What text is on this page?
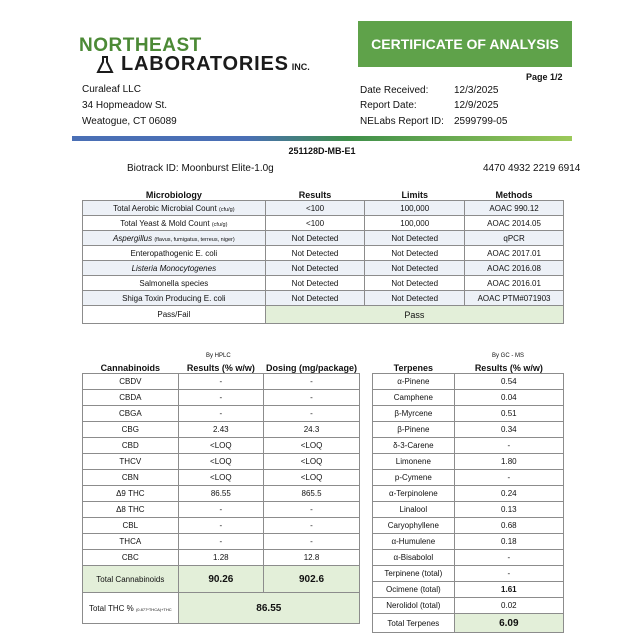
NORTHEAST
LABORATORIES INC.
CERTIFICATE OF ANALYSIS
Page 1/2
Curaleaf LLC
34 Hopmeadow St.
Weatogue, CT 06089
Date Received:	12/3/2025
Report Date:	12/9/2025
NELabs Report ID: 2599799-05
251128D-MB-E1
Biotrack ID: Moonburst Elite-1.0g	4470 4932 2219 6914
Microbiology	Results	Limits	Methods
Total Aerobic Microbial Count (cfu/g)	<100	100,000	AOAC 990.12
Total Yeast & Mold Count (cfu/g)	<100	100,000	AOAC 2014.05
Aspergillus (flavus, fumigatus, terreus, niger)	Not Detected	Not Detected	qPCR
Enteropathogenic E. coli	Not Detected	Not Detected	AOAC 2017.01
Listeria Monocytogenes	Not Detected	Not Detected	AOAC 2016.08
Salmonella species	Not Detected	Not Detected	AOAC 2016.01
Shiga Toxin Producing E. coli	Not Detected	Not Detected	AOAC PTM#071903
Pass/Fail	Pass		
By HPLC
Cannabinoids	Results (% w/w)	Dosing (mg/package)
CBDV	-	-
CBDA	-	-
CBGA	-	-
CBG	2.43	24.3
CBD	<LOQ	<LOQ
THCV	<LOQ	<LOQ
CBN	<LOQ	<LOQ
Δ9 THC	86.55	865.5
Δ8 THC	-	-
CBL	-	-
THCA	-	-
CBC	1.28	12.8
Total Cannabinoids	90.26	902.6
Total THC % (0.877*THCA)+THC	86.55	
By GC - MS
Terpenes	Results (% w/w)
α-Pinene	0.54
Camphene	0.04
β-Myrcene	0.51
β-Pinene	0.34
δ-3-Carene	-
Limonene	1.80
p-Cymene	-
α-Terpinolene	0.24
Linalool	0.13
Caryophyllene	0.68
α-Humulene	0.18
α-Bisabolol	-
Terpinene (total)	-
Ocimene (total)	1.61
Nerolidol (total)	0.02
Total Terpenes	6.09
